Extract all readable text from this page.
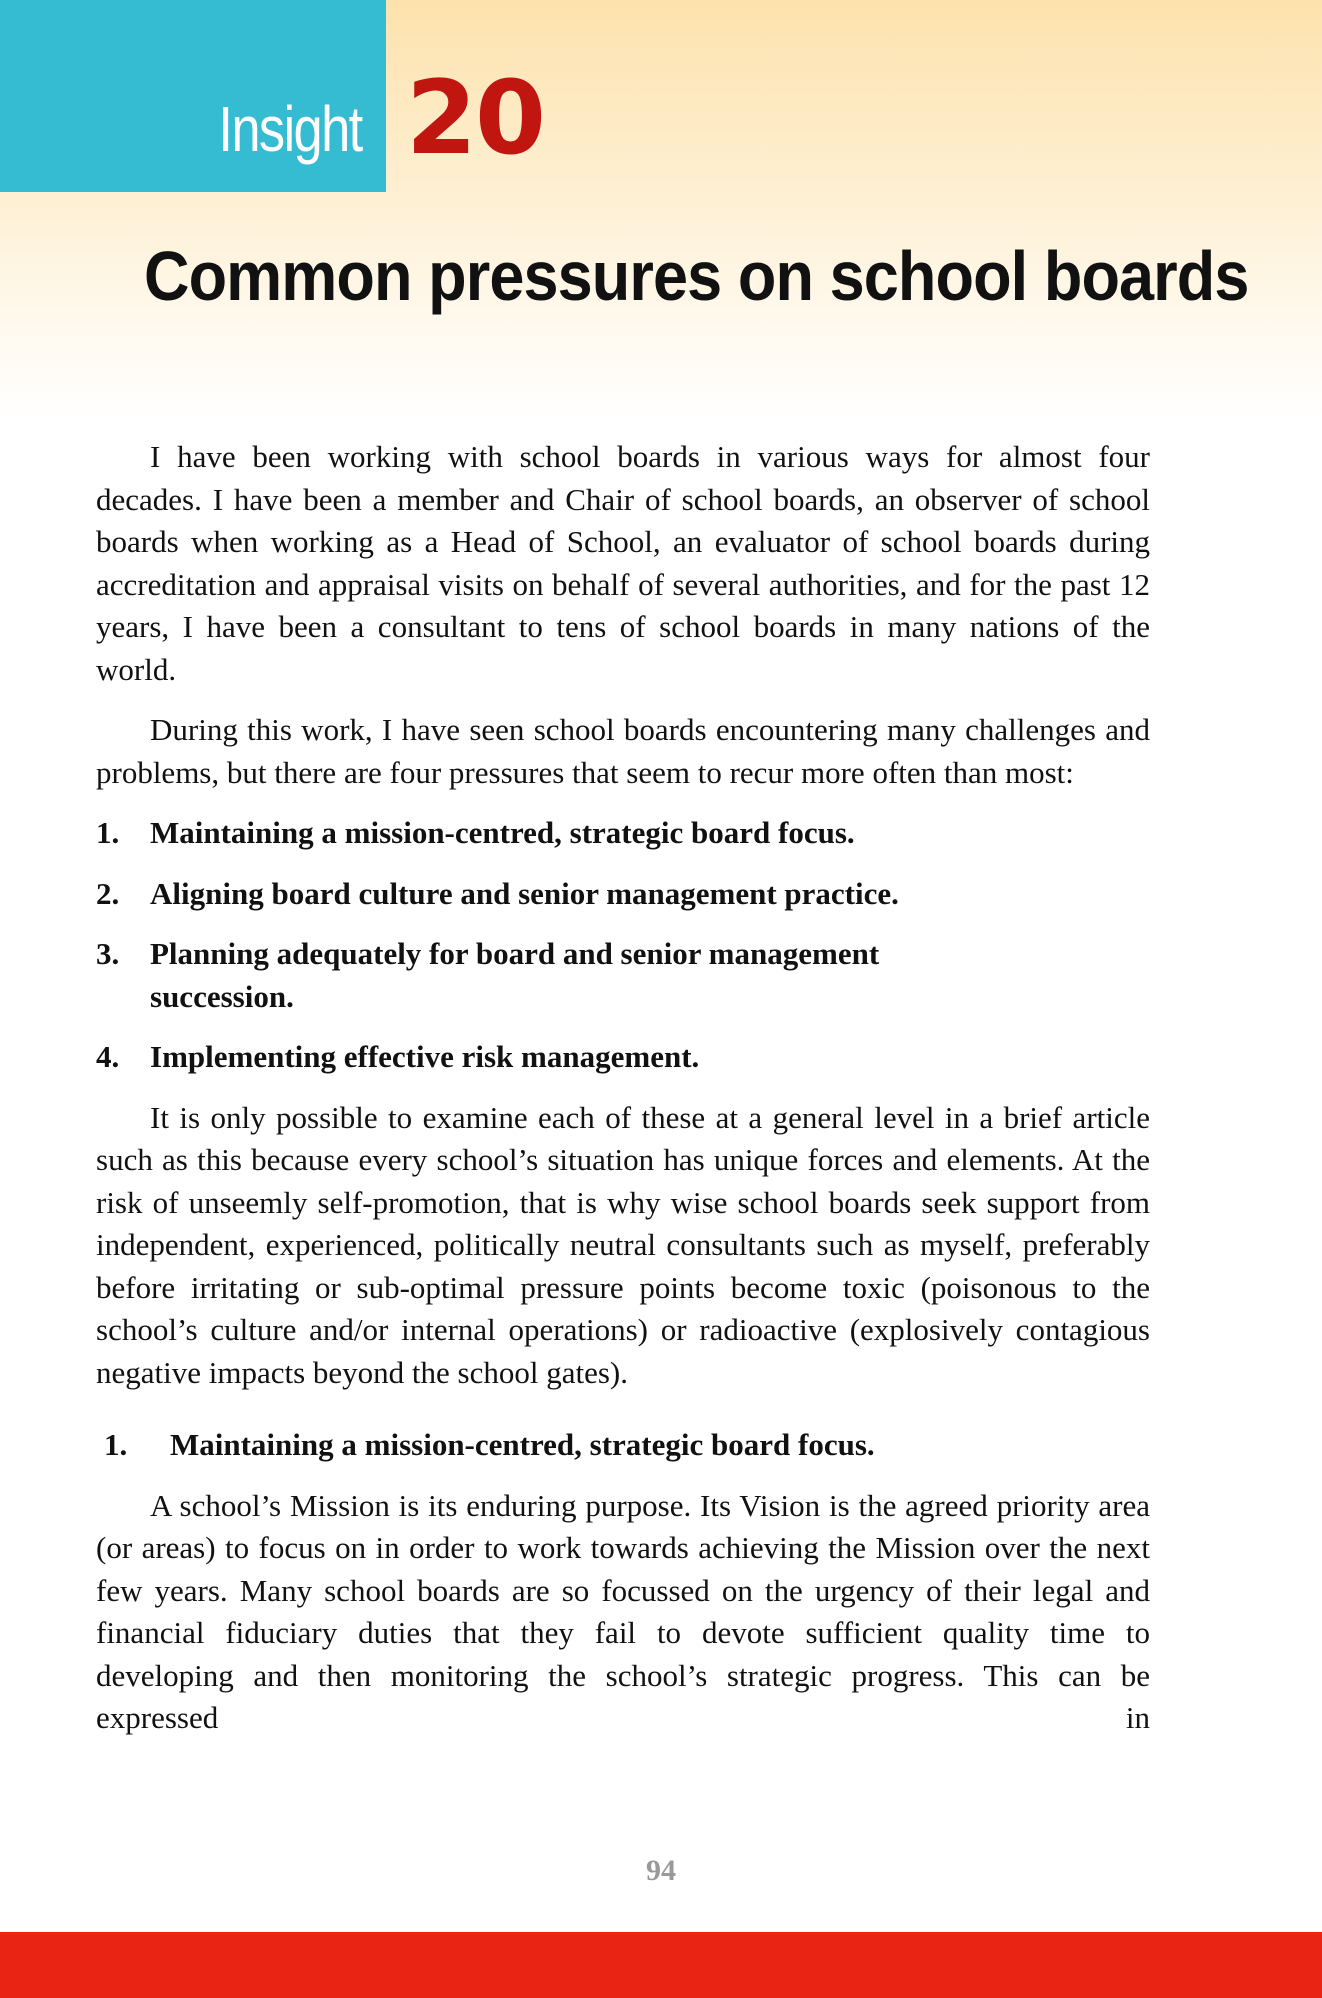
Insight 20
Common pressures on school boards

I have been working with school boards in various ways for almost four decades. I have been a member and Chair of school boards, an observer of school boards when working as a Head of School, an evaluator of school boards during accreditation and appraisal visits on behalf of several authorities, and for the past 12 years, I have been a consultant to tens of school boards in many nations of the world.

During this work, I have seen school boards encountering many challenges and problems, but there are four pressures that seem to recur more often than most:

1. Maintaining a mission-centred, strategic board focus.
2. Aligning board culture and senior management practice.
3. Planning adequately for board and senior management succession.
4. Implementing effective risk management.

It is only possible to examine each of these at a general level in a brief article such as this because every school’s situation has unique forces and elements. At the risk of unseemly self-promotion, that is why wise school boards seek support from independent, experienced, politically neutral consultants such as myself, preferably before irritating or sub-optimal pressure points become toxic (poisonous to the school’s culture and/or internal operations) or radioactive (explosively contagious negative impacts beyond the school gates).

1. Maintaining a mission-centred, strategic board focus.

A school’s Mission is its enduring purpose. Its Vision is the agreed priority area (or areas) to focus on in order to work towards achieving the Mission over the next few years. Many school boards are so focussed on the urgency of their legal and financial fiduciary duties that they fail to devote sufficient quality time to developing and then monitoring the school’s strategic progress. This can be expressed in

94
